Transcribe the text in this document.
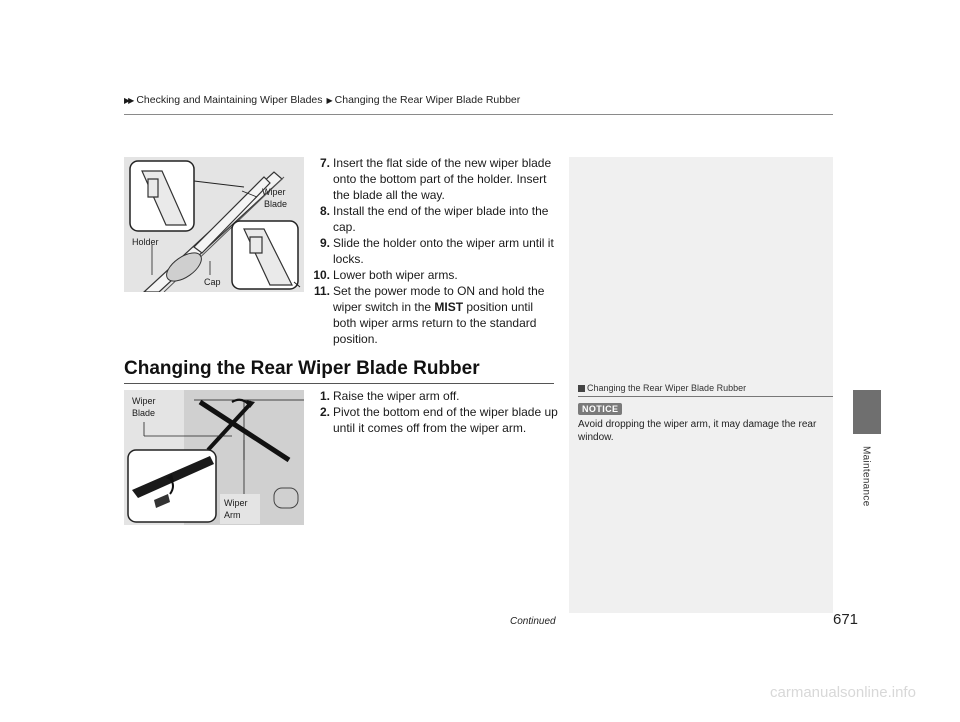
▶▶ Checking and Maintaining Wiper Blades ▶ Changing the Rear Wiper Blade Rubber
Maintenance
Wiper
Blade
Holder
Cap
7. Insert the flat side of the new wiper blade onto the bottom part of the holder. Insert the blade all the way.
8. Install the end of the wiper blade into the cap.
9. Slide the holder onto the wiper arm until it locks.
10. Lower both wiper arms.
11. Set the power mode to ON and hold the wiper switch in the MIST position until both wiper arms return to the standard position.
Changing the Rear Wiper Blade Rubber
Wiper
Blade
Wiper
Arm
1. Raise the wiper arm off.
2. Pivot the bottom end of the wiper blade up until it comes off from the wiper arm.
Changing the Rear Wiper Blade Rubber
NOTICE
Avoid dropping the wiper arm, it may damage the rear window.
Continued	671
carmanualsonline.info
